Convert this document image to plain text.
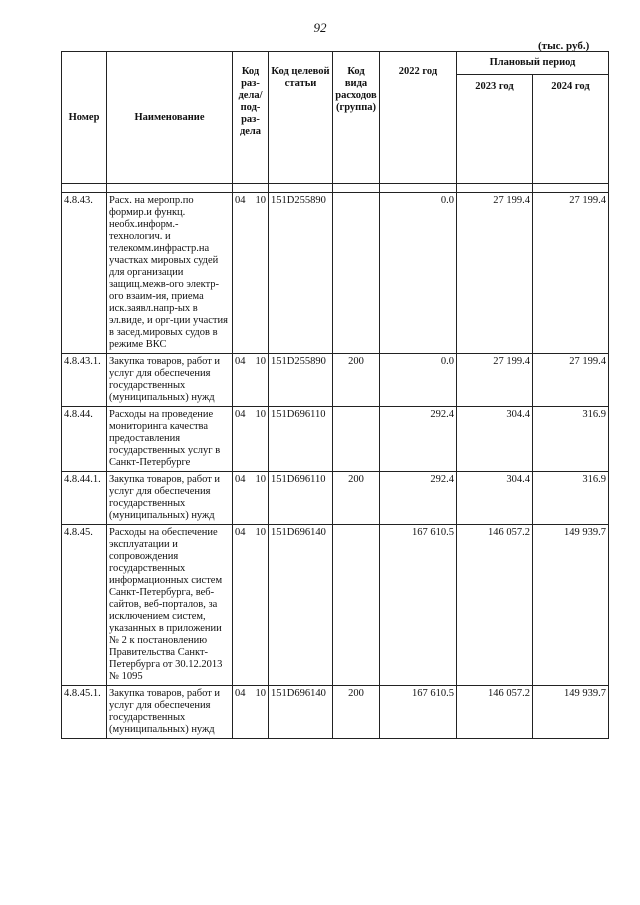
92
(тыс. руб.)
Номер	Наименование	Код раз-дела/ под-раз-дела	Код целевой статьи	Код вида расходов (группа)	2022 год	Плановый период	
						2023 год	2024 год

4.8.43.	Расх. на меропр.по формир.и функц. необх.информ.-технологич. и телекомм.инфрастр.на участках мировых судей для организации защищ.межв-ого электр-ого взаим-ия, приема иск.заявл.напр-ых в эл.виде, и орг-ции участия в засед.мировых судов в режиме ВКС	04 10	151D255890		0.0	27 199.4	27 199.4
4.8.43.1.	Закупка товаров, работ и услуг для обеспечения государственных (муниципальных) нужд	04 10	151D255890	200	0.0	27 199.4	27 199.4
4.8.44.	Расходы на проведение мониторинга качества предоставления государственных услуг в Санкт-Петербурге	04 10	151D696110		292.4	304.4	316.9
4.8.44.1.	Закупка товаров, работ и услуг для обеспечения государственных (муниципальных) нужд	04 10	151D696110	200	292.4	304.4	316.9
4.8.45.	Расходы на обеспечение эксплуатации и сопровождения государственных информационных систем Санкт-Петербурга, веб-сайтов, веб-порталов, за исключением систем, указанных в приложении № 2 к постановлению Правительства Санкт-Петербурга от 30.12.2013 № 1095	04 10	151D696140		167 610.5	146 057.2	149 939.7
4.8.45.1.	Закупка товаров, работ и услуг для обеспечения государственных (муниципальных) нужд	04 10	151D696140	200	167 610.5	146 057.2	149 939.7
